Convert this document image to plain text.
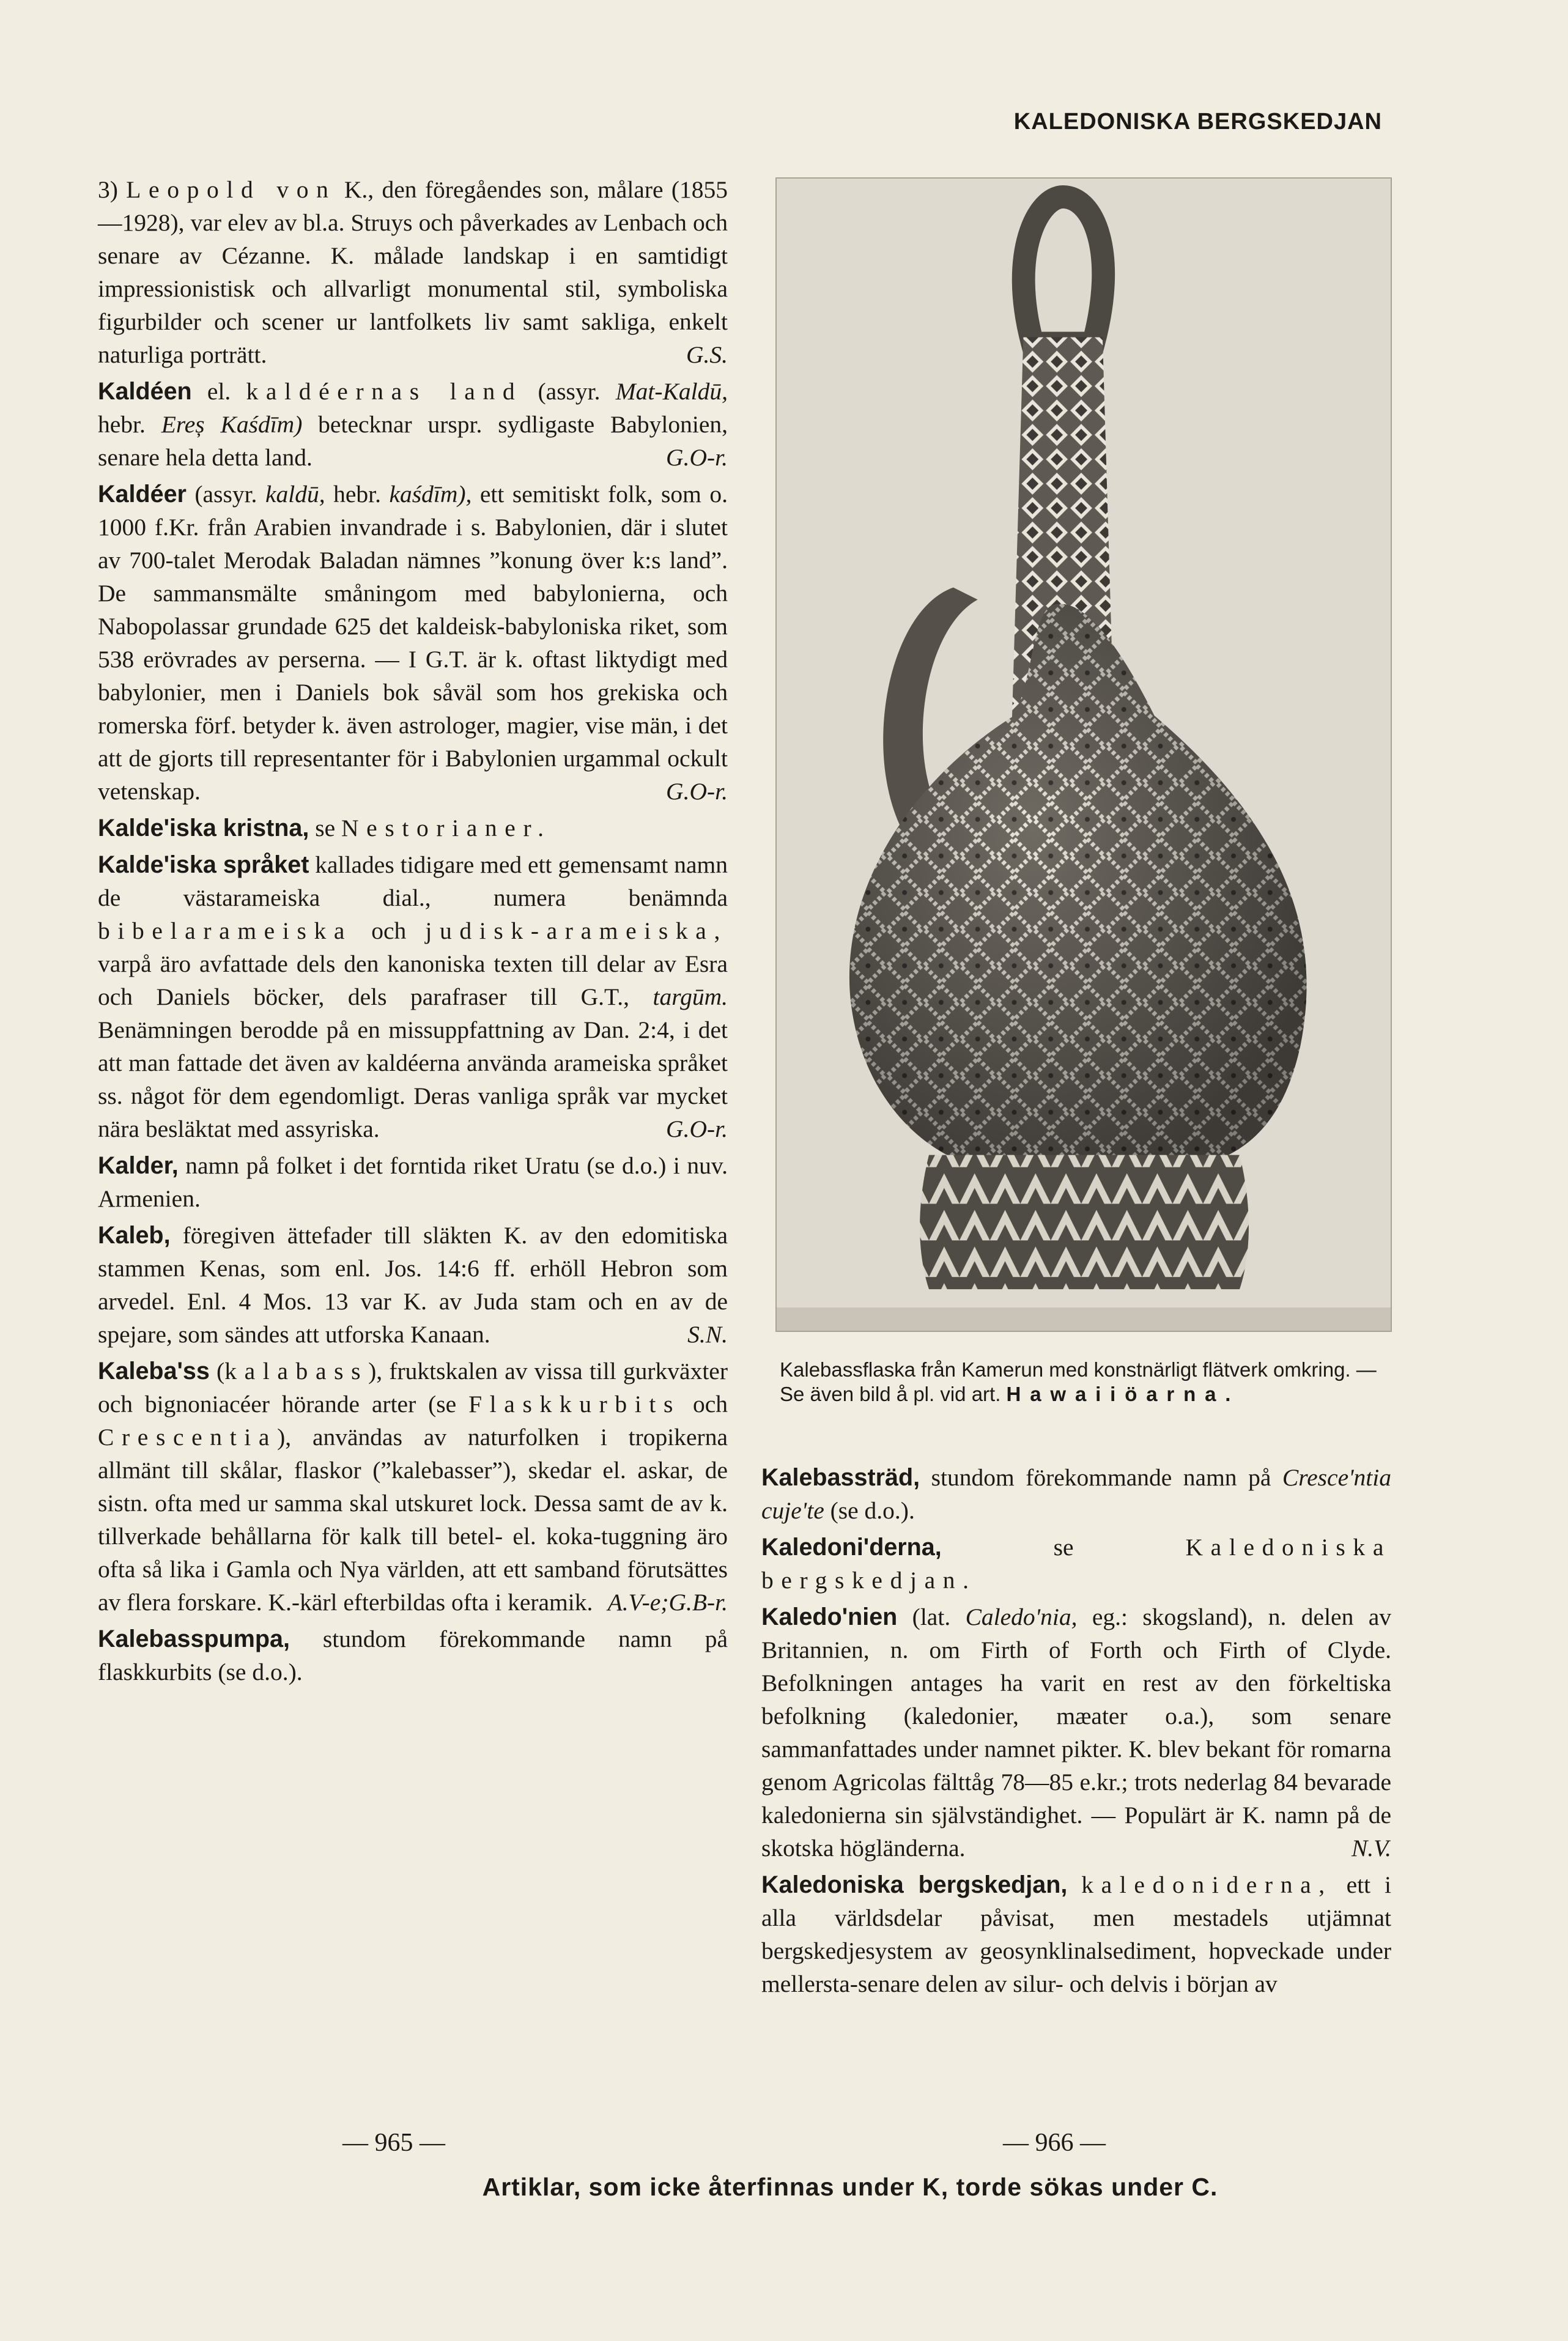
KALEDONISKA BERGSKEDJAN

3) Leopold von K., den föregåendes son, målare (1855—1928), var elev av bl.a. Struys och påverkades av Lenbach och senare av Cézanne. K. målade landskap i en samtidigt impressionistisk och allvarligt monumental stil, symboliska figurbilder och scener ur lantfolkets liv samt sakliga, enkelt naturliga porträtt.	G.S.

Kaldéen el. kaldéernas land (assyr. Mat-Kaldū, hebr. Ereș Kaśdīm) betecknar urspr. sydligaste Babylonien, senare hela detta land.	G.O-r.

Kaldéer (assyr. kaldū, hebr. kaśdīm), ett semitiskt folk, som o. 1000 f.Kr. från Arabien invandrade i s. Babylonien, där i slutet av 700-talet Merodak Baladan nämnes ”konung över k:s land”. De sammansmälte småningom med babylonierna, och Nabopolassar grundade 625 det kaldeisk-babyloniska riket, som 538 erövrades av perserna. — I G.T. är k. oftast liktydigt med babylonier, men i Daniels bok såväl som hos grekiska och romerska förf. betyder k. även astrologer, magier, vise män, i det att de gjorts till representanter för i Babylonien urgammal ockult vetenskap.	G.O-r.

Kalde'iska kristna, se Nestorianer.

Kalde'iska språket kallades tidigare med ett gemensamt namn de västarameiska dial., numera benämnda bibelarameiska och judisk-arameiska, varpå äro avfattade dels den kanoniska texten till delar av Esra och Daniels böcker, dels parafraser till G.T., targūm. Benämningen berodde på en missuppfattning av Dan. 2:4, i det att man fattade det även av kaldéerna använda arameiska språket ss. något för dem egendomligt. Deras vanliga språk var mycket nära besläktat med assyriska.	G.O-r.

Kalder, namn på folket i det forntida riket Uratu (se d.o.) i nuv. Armenien.

Kaleb, föregiven ättefader till släkten K. av den edomitiska stammen Kenas, som enl. Jos. 14:6 ff. erhöll Hebron som arvedel. Enl. 4 Mos. 13 var K. av Juda stam och en av de spejare, som sändes att utforska Kanaan.	S.N.

Kaleba'ss (kalabass), fruktskalen av vissa till gurkväxter och bignoniacéer hörande arter (se Flaskkurbits och Crescentia), användas av naturfolken i tropikerna allmänt till skålar, flaskor (”kalebasser”), skedar el. askar, de sistn. ofta med ur samma skal utskuret lock. Dessa samt de av k. tillverkade behållarna för kalk till betel- el. koka-tuggning äro ofta så lika i Gamla och Nya världen, att ett samband förutsättes av flera forskare. K.-kärl efterbildas ofta i keramik. A.V-e;G.B-r.

Kalebasspumpa, stundom förekommande namn på flaskkurbits (se d.o.).

Kalebassflaska från Kamerun med konstnärligt flätverk omkring. — Se även bild å pl. vid art. Hawaiiöarna.

Kalebassträd, stundom förekommande namn på Cresce'ntia cuje'te (se d.o.).

Kaledoni'derna, se Kaledoniska bergskedjan.

Kaledo'nien (lat. Caledo'nia, eg.: skogsland), n. delen av Britannien, n. om Firth of Forth och Firth of Clyde. Befolkningen antages ha varit en rest av den förkeltiska befolkning (kaledonier, mæater o.a.), som senare sammanfattades under namnet pikter. K. blev bekant för romarna genom Agricolas fälttåg 78—85 e.kr.; trots nederlag 84 bevarade kaledonierna sin självständighet. — Populärt är K. namn på de skotska högländerna.	N.V.

Kaledoniska bergskedjan, kaledoniderna, ett i alla världsdelar påvisat, men mestadels utjämnat bergskedjesystem av geosynklinalsediment, hopveckade under mellersta-senare delen av silur- och delvis i början av

— 965 —	— 966 —
Artiklar, som icke återfinnas under K, torde sökas under C.
